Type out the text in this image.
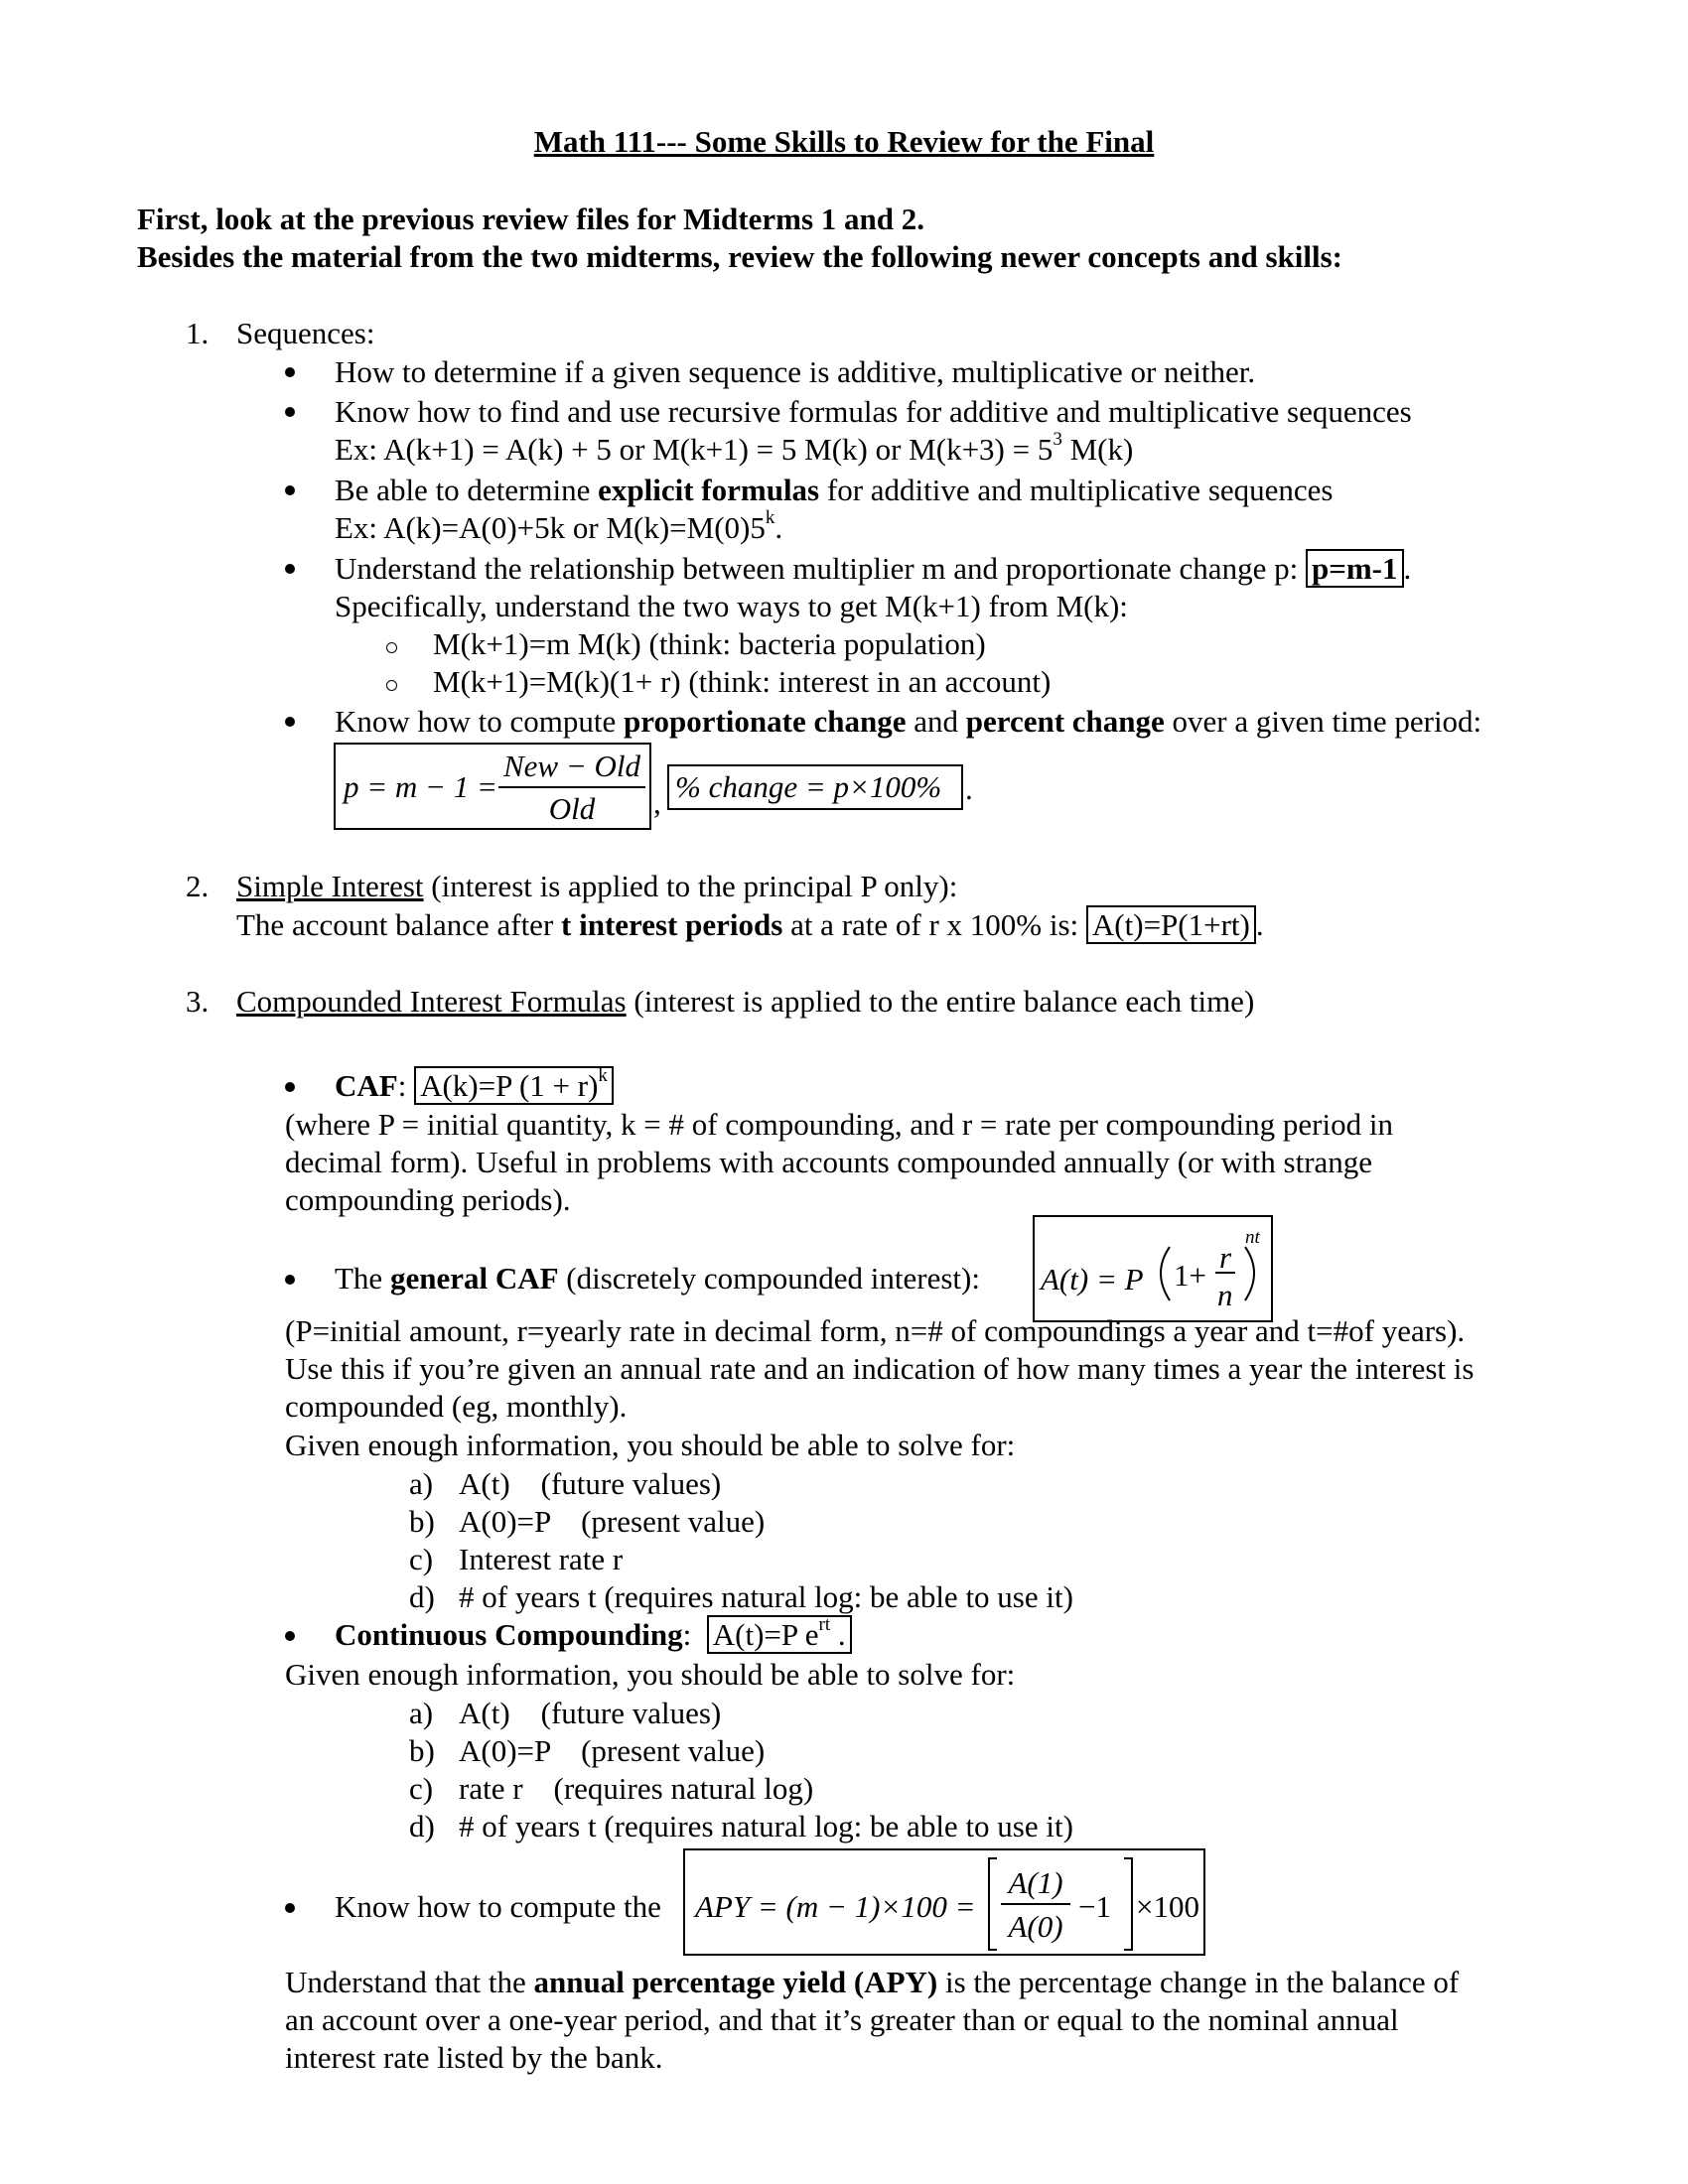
Math 111--- Some Skills to Review for the Final
First, look at the previous review files for Midterms 1 and 2.
Besides the material from the two midterms, review the following newer concepts and skills:
1. Sequences:
How to determine if a given sequence is additive, multiplicative or neither.
Know how to find and use recursive formulas for additive and multiplicative sequences
Ex: A(k+1) = A(k) + 5 or M(k+1) = 5 M(k) or $M(k+3) = 5^3$ M(k)
Be able to determine explicit formulas for additive and multiplicative sequences
Ex: A(k)=A(0)+5k or $M(k)=M(0)5^k$.
Understand the relationship between multiplier m and proportionate change p: p=m-1 .
Specifically, understand the two ways to get M(k+1) from M(k):
M(k+1)=m M(k) (think: bacteria population)
M(k+1)=M(k)(1+ r) (think: interest in an account)
Know how to compute proportionate change and percent change over a given time period:
p = m − 1 =
New − Old
Old	, % change = p×100% .
2. Simple Interest (interest is applied to the principal P only):
The account balance after t interest periods at a rate of r x 100% is: A(t)=P(1+rt) .
3. Compounded Interest Formulas (interest is applied to the entire balance each time)
CAF: A(k)=P $(1 + r)^k$
(where P = initial quantity, k = # of compounding, and r = rate per compounding period in
decimal form). Useful in problems with accounts compounded annually (or with strange
compounding periods).
The general CAF (discretely compounded interest): A(t) = P 1+
r
n
nt
(P=initial amount, r=yearly rate in decimal form, n=# of compoundings a year and t=#of years).
Use this if you’re given an annual rate and an indication of how many times a year the interest is
compounded (eg, monthly).
Given enough information, you should be able to solve for:
a) A(t)    (future values)
b) A(0)=P    (present value)
c) Interest rate r
d) # of years t (requires natural log: be able to use it)
Continuous Compounding:  A(t)=P $e^{rt}$ .
Given enough information, you should be able to solve for:
a) A(t)    (future values)
b) A(0)=P    (present value)
c) rate r    (requires natural log)
d) # of years t (requires natural log: be able to use it)
Know how to compute the APY = (m − 1)×100 =
A(1)
A(0)
−1 ×100
Understand that the annual percentage yield (APY) is the percentage change in the balance of
an account over a one-year period, and that it’s greater than or equal to the nominal annual
interest rate listed by the bank.
